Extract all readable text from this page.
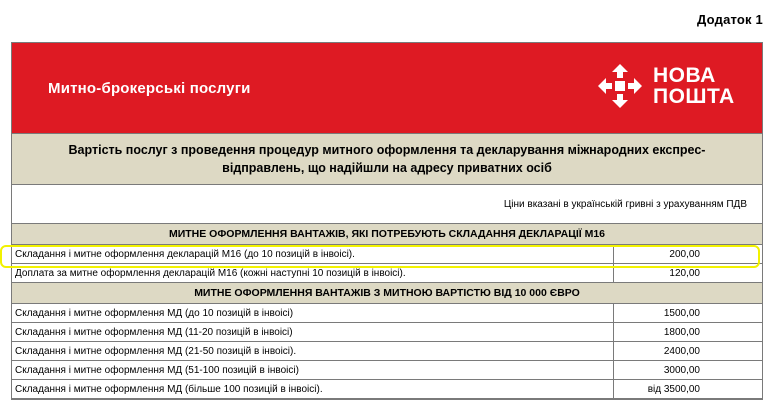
Додаток 1
Митно-брокерські послуги
НОВА
ПОШТА
Вартість послуг з проведення процедур митного оформлення та декларування міжнародних експрес-відправлень, що надійшли на адресу приватних осіб
Ціни вказані в українській гривні з урахуванням ПДВ
МИТНЕ ОФОРМЛЕННЯ ВАНТАЖІВ, ЯКІ ПОТРЕБУЮТЬ СКЛАДАННЯ ДЕКЛАРАЦІЇ М16
Складання і митне оформлення декларацій М16 (до 10 позицій в інвоісі).	200,00
Доплата за митне оформлення декларацій М16 (кожні наступні 10 позицій в інвоісі).	120,00
МИТНЕ ОФОРМЛЕННЯ ВАНТАЖІВ З МИТНОЮ ВАРТІСТЮ ВІД 10 000 ЄВРО
Складання і митне оформлення МД (до 10 позицій в інвоісі)	1500,00
Складання і митне оформлення МД (11-20 позицій в інвоісі)	1800,00
Складання і митне оформлення МД (21-50 позицій в інвоісі).	2400,00
Складання і митне оформлення МД (51-100 позицій в інвоісі)	3000,00
Складання і митне оформлення МД (більше 100 позицій в інвоісі).	від 3500,00
